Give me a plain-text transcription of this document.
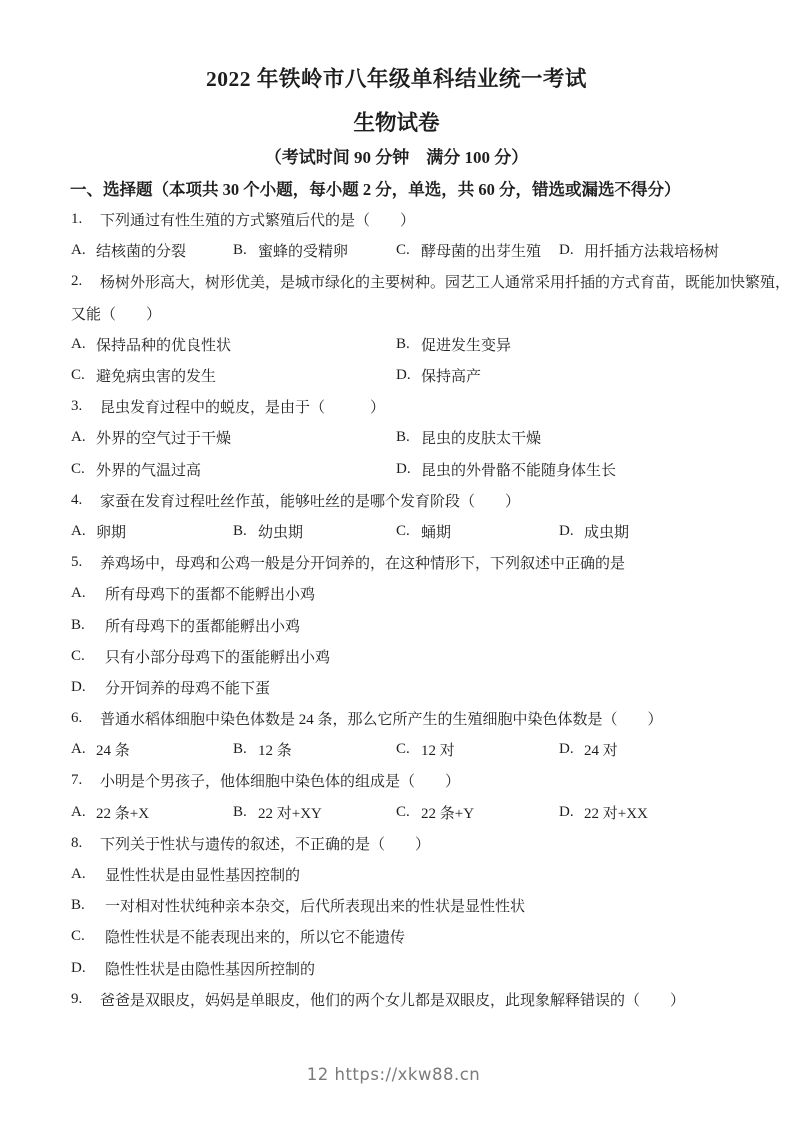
2022 年铁岭市八年级单科结业统一考试
生物试卷
（考试时间 90 分钟　满分 100 分）
一、选择题（本项共 30 个小题，每小题 2 分，单选，共 60 分，错选或漏选不得分）
1.	下列通过有性生殖的方式繁殖后代的是（　　）
A. 结核菌的分裂	B. 蜜蜂的受精卵	C. 酵母菌的出芽生殖 D. 用扦插方法栽培杨树
2.	杨树外形高大，树形优美，是城市绿化的主要树种。园艺工人通常采用扦插的方式育苗，既能加快繁殖，
又能（　　）
A. 保持品种的优良性状	B. 促进发生变异
C. 避免病虫害的发生	D. 保持高产
3.	昆虫发育过程中的蜕皮，是由于（　　　）
A. 外界的空气过于干燥	B. 昆虫的皮肤太干燥
C. 外界的气温过高	D. 昆虫的外骨骼不能随身体生长
4.	家蚕在发育过程吐丝作茧，能够吐丝的是哪个发育阶段（　　）
A. 卵期	B. 幼虫期	C. 蛹期	D. 成虫期
5.	养鸡场中，母鸡和公鸡一般是分开饲养的，在这种情形下，下列叙述中正确的是
A.	所有母鸡下的蛋都不能孵出小鸡
B.	所有母鸡下的蛋都能孵出小鸡
C.	只有小部分母鸡下的蛋能孵出小鸡
D.	分开饲养的母鸡不能下蛋
6.	普通水稻体细胞中染色体数是 24 条，那么它所产生的生殖细胞中染色体数是（　　）
A. 24 条	B. 12 条	C. 12 对	D. 24 对
7.	小明是个男孩子，他体细胞中染色体的组成是（　　）
A. 22 条+X	B. 22 对+XY	C. 22 条+Y	D. 22 对+XX
8.	下列关于性状与遗传的叙述，不正确的是（　　）
A.	显性性状是由显性基因控制的
B.	一对相对性状纯种亲本杂交，后代所表现出来的性状是显性性状
C.	隐性性状是不能表现出来的，所以它不能遗传
D.	隐性性状是由隐性基因所控制的
9.	爸爸是双眼皮，妈妈是单眼皮，他们的两个女儿都是双眼皮，此现象解释错误的（　　）
12 https://xkw88.cn
